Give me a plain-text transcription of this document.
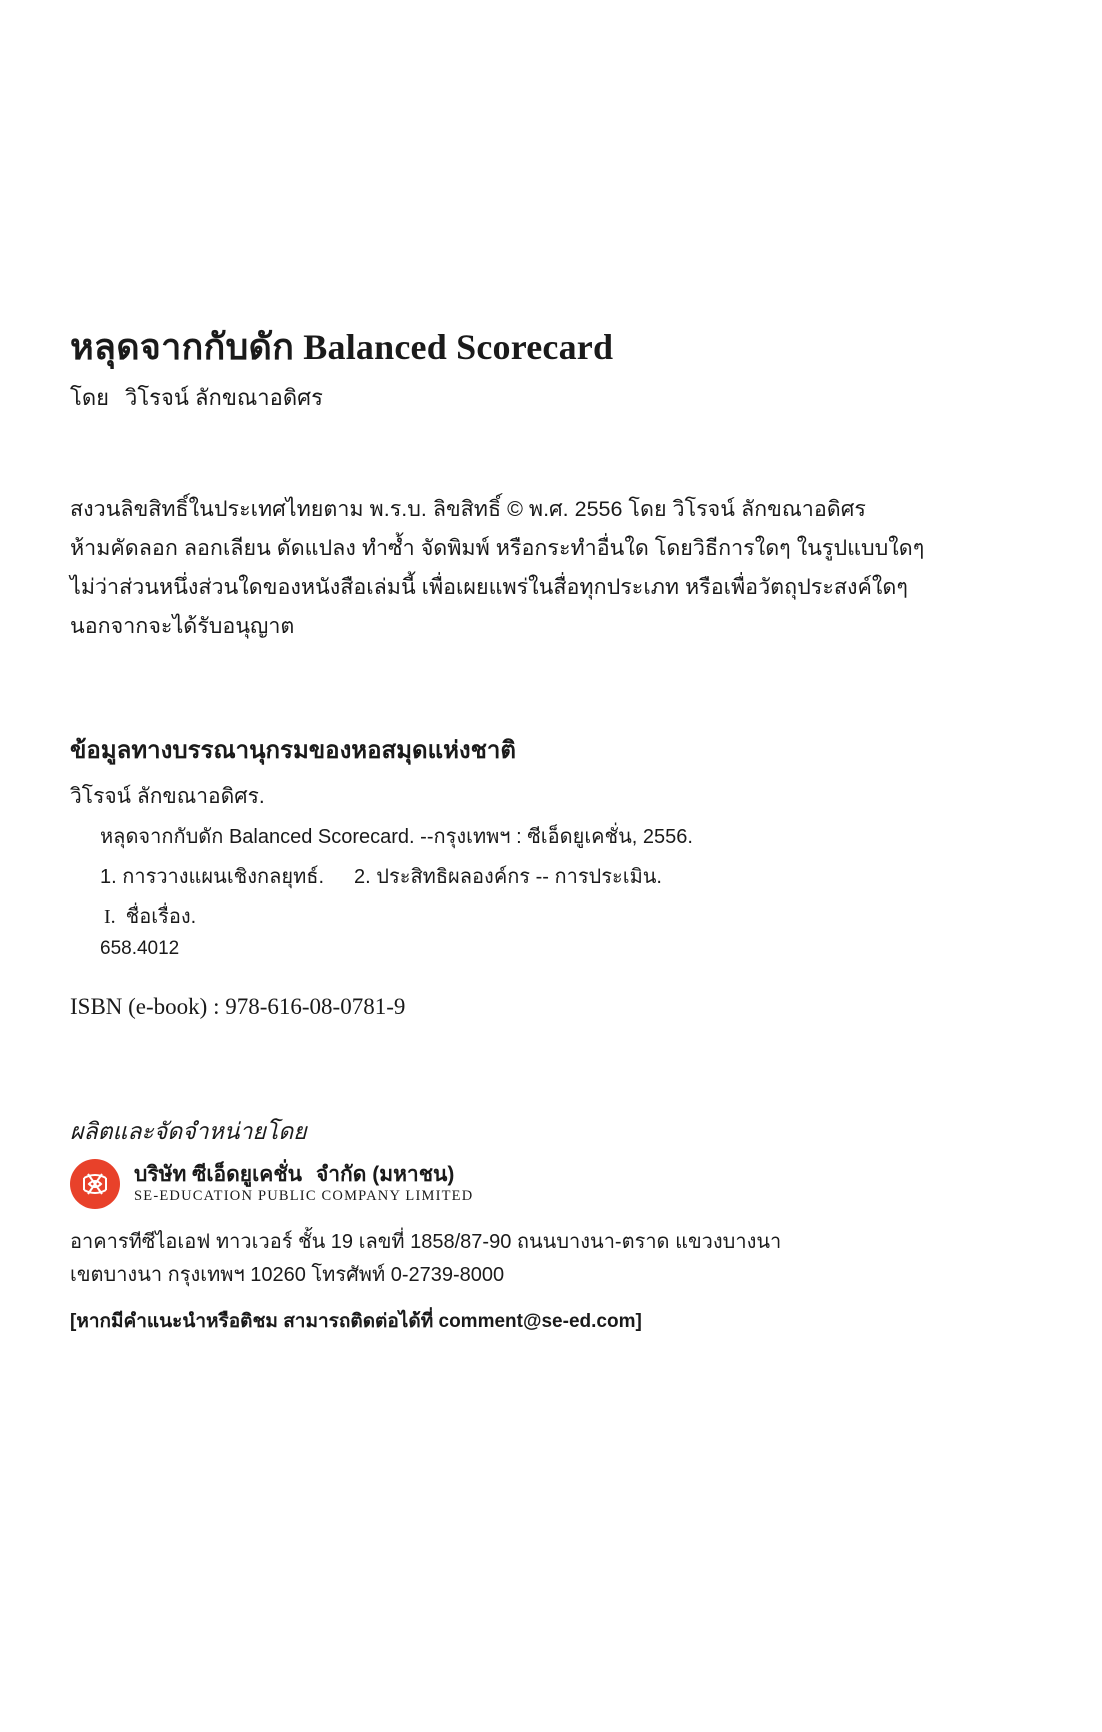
หลุดจากกับดัก Balanced Scorecard
โดย วิโรจน์ ลักขณาอดิศร
สงวนลิขสิทธิ์ในประเทศไทยตาม พ.ร.บ. ลิขสิทธิ์ © พ.ศ. 2556 โดย วิโรจน์ ลักขณาอดิศร
ห้ามคัดลอก ลอกเลียน ดัดแปลง ทำซ้ำ จัดพิมพ์ หรือกระทำอื่นใด โดยวิธีการใดๆ ในรูปแบบใดๆ
ไม่ว่าส่วนหนึ่งส่วนใดของหนังสือเล่มนี้ เพื่อเผยแพร่ในสื่อทุกประเภท หรือเพื่อวัตถุประสงค์ใดๆ
นอกจากจะได้รับอนุญาต
ข้อมูลทางบรรณานุกรมของหอสมุดแห่งชาติ
วิโรจน์ ลักขณาอดิศร.
หลุดจากกับดัก Balanced Scorecard. --กรุงเทพฯ : ซีเอ็ดยูเคชั่น, 2556.
1. การวางแผนเชิงกลยุทธ์. 2. ประสิทธิผลองค์กร -- การประเมิน.
I. ชื่อเรื่อง.
658.4012
ISBN (e-book) : 978-616-08-0781-9
ผลิตและจัดจำหน่ายโดย
บริษัท ซีเอ็ดยูเคชั่น จำกัด (มหาชน)
SE-EDUCATION PUBLIC COMPANY LIMITED
อาคารทีซีไอเอฟ ทาวเวอร์ ชั้น 19 เลขที่ 1858/87-90 ถนนบางนา-ตราด แขวงบางนา
เขตบางนา กรุงเทพฯ 10260 โทรศัพท์ 0-2739-8000
[หากมีคำแนะนำหรือติชม สามารถติดต่อได้ที่ comment@se-ed.com]
